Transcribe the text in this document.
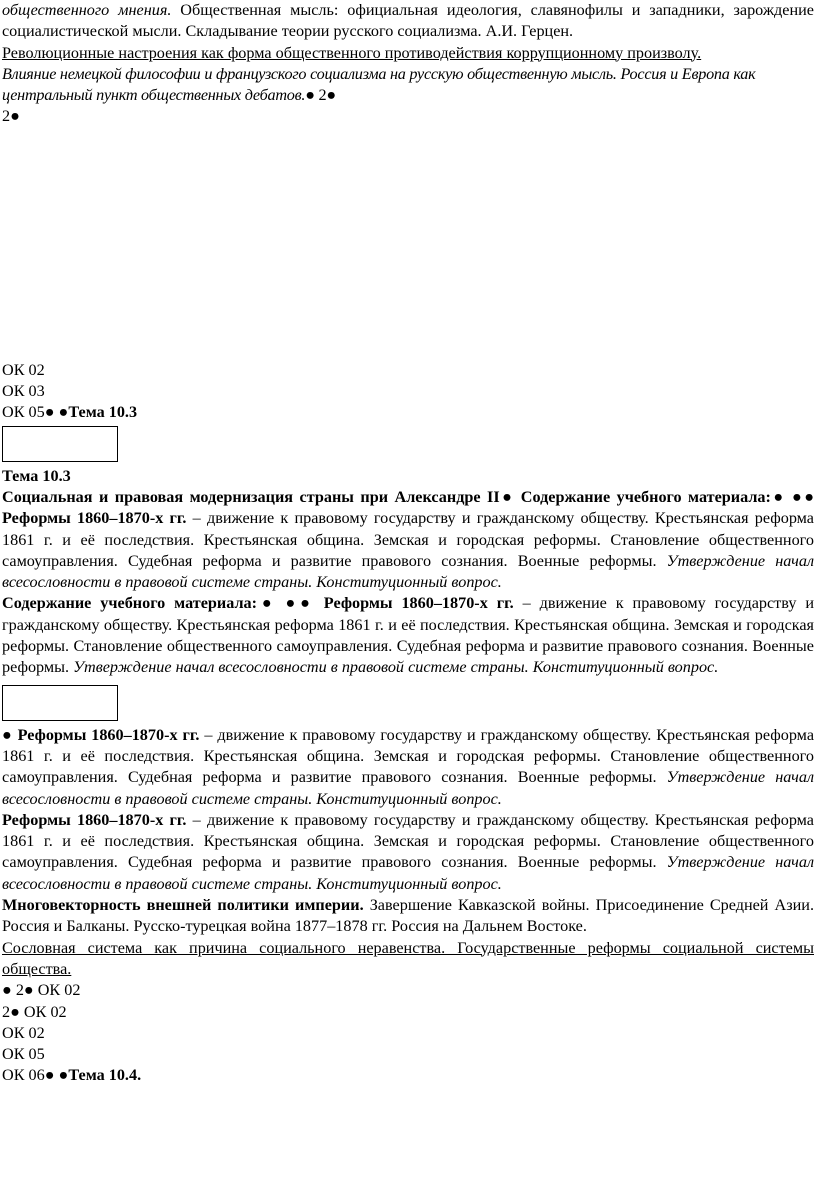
общественного мнения. Общественная мысль: официальная идеология, славянофилы и западники, зарождение социалистической мысли. Складывание теории русского социализма. А.И. Герцен.

Революционные настроения как форма общественного противодействия коррупционному произволу.

Влияние немецкой философии и французского социализма на русскую общественную мысль. Россия и Европа как центральный пункт общественных дебатов.● 2●

2●

ОК 02

ОК 03

ОК 05● ●Тема 10.3

Тема 10.3

Социальная и правовая модернизация страны при Александре II● Содержание учебного материала:● ●● Реформы 1860–1870-х гг. – движение к правовому государству и гражданскому обществу. Крестьянская реформа 1861 г. и её последствия. Крестьянская община. Земская и городская реформы. Становление общественного самоуправления. Судебная реформа и развитие правового сознания. Военные реформы. Утверждение начал всесословности в правовой системе страны. Конституционный вопрос.

Содержание учебного материала:● ●● Реформы 1860–1870-х гг. – движение к правовому государству и гражданскому обществу. Крестьянская реформа 1861 г. и её последствия. Крестьянская община. Земская и городская реформы. Становление общественного самоуправления. Судебная реформа и развитие правового сознания. Военные реформы. Утверждение начал всесословности в правовой системе страны. Конституционный вопрос.

● Реформы 1860–1870-х гг. – движение к правовому государству и гражданскому обществу. Крестьянская реформа 1861 г. и её последствия. Крестьянская община. Земская и городская реформы. Становление общественного самоуправления. Судебная реформа и развитие правового сознания. Военные реформы. Утверждение начал всесословности в правовой системе страны. Конституционный вопрос.

Реформы 1860–1870-х гг. – движение к правовому государству и гражданскому обществу. Крестьянская реформа 1861 г. и её последствия. Крестьянская община. Земская и городская реформы. Становление общественного самоуправления. Судебная реформа и развитие правового сознания. Военные реформы. Утверждение начал всесословности в правовой системе страны. Конституционный вопрос.

Многовекторность внешней политики империи. Завершение Кавказской войны. Присоединение Средней Азии. Россия и Балканы. Русско-турецкая война 1877–1878 гг. Россия на Дальнем Востоке.

Сословная система как причина социального неравенства. Государственные реформы социальной системы общества.

● 2● ОК 02

2● ОК 02

ОК 02

ОК 05

ОК 06● ●Тема 10.4.
